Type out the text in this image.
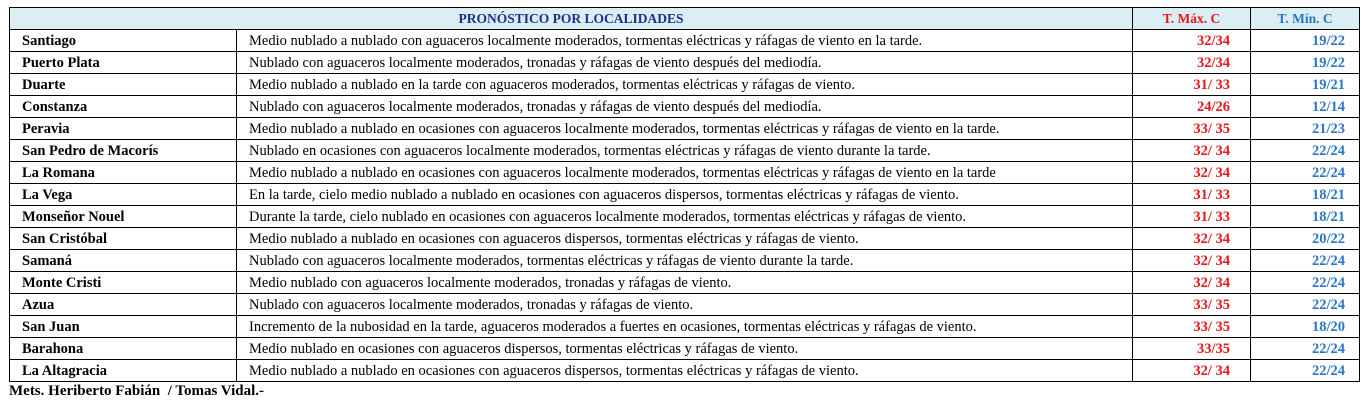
PRONÓSTICO POR LOCALIDADES		T. Máx. C	T. Mín. C
Santiago	Medio nublado a nublado con aguaceros localmente moderados, tormentas eléctricas y ráfagas de viento en la tarde.	32/34	19/22
Puerto Plata	Nublado con aguaceros localmente moderados, tronadas y ráfagas de viento después del mediodía.	32/34	19/22
Duarte	Medio nublado a nublado en la tarde con aguaceros moderados, tormentas eléctricas y ráfagas de viento.	31/ 33	19/21
Constanza	Nublado con aguaceros localmente moderados, tronadas y ráfagas de viento después del mediodía.	24/26	12/14
Peravia	Medio nublado a nublado en ocasiones con aguaceros localmente moderados, tormentas eléctricas y ráfagas de viento en la tarde.	33/ 35	21/23
San Pedro de Macorís	Nublado en ocasiones con aguaceros localmente moderados, tormentas eléctricas y ráfagas de viento durante la tarde.	32/ 34	22/24
La Romana	Medio nublado a nublado en ocasiones con aguaceros localmente moderados, tormentas eléctricas y ráfagas de viento en la tarde	32/ 34	22/24
La Vega	En la tarde, cielo medio nublado a nublado en ocasiones con aguaceros dispersos, tormentas eléctricas y ráfagas de viento.	31/ 33	18/21
Monseñor Nouel	Durante la tarde, cielo nublado en ocasiones con aguaceros localmente moderados, tormentas eléctricas y ráfagas de viento.	31/ 33	18/21
San Cristóbal	Medio nublado a nublado en ocasiones con aguaceros dispersos, tormentas eléctricas y ráfagas de viento.	32/ 34	20/22
Samaná	Nublado con aguaceros localmente moderados, tormentas eléctricas y ráfagas de viento durante la tarde.	32/ 34	22/24
Monte Cristi	Medio nublado con aguaceros localmente moderados, tronadas y ráfagas de viento.	32/ 34	22/24
Azua	Nublado con aguaceros localmente moderados, tronadas y ráfagas de viento.	33/ 35	22/24
San Juan	Incremento de la nubosidad en la tarde, aguaceros moderados a fuertes en ocasiones, tormentas eléctricas y ráfagas de viento.	33/ 35	18/20
Barahona	Medio nublado en ocasiones con aguaceros dispersos, tormentas eléctricas y ráfagas de viento.	33/35	22/24
La Altagracia	Medio nublado a nublado en ocasiones con aguaceros dispersos, tormentas eléctricas y ráfagas de viento.	32/ 34	22/24
Mets. Heriberto Fabián  / Tomas Vidal.-
